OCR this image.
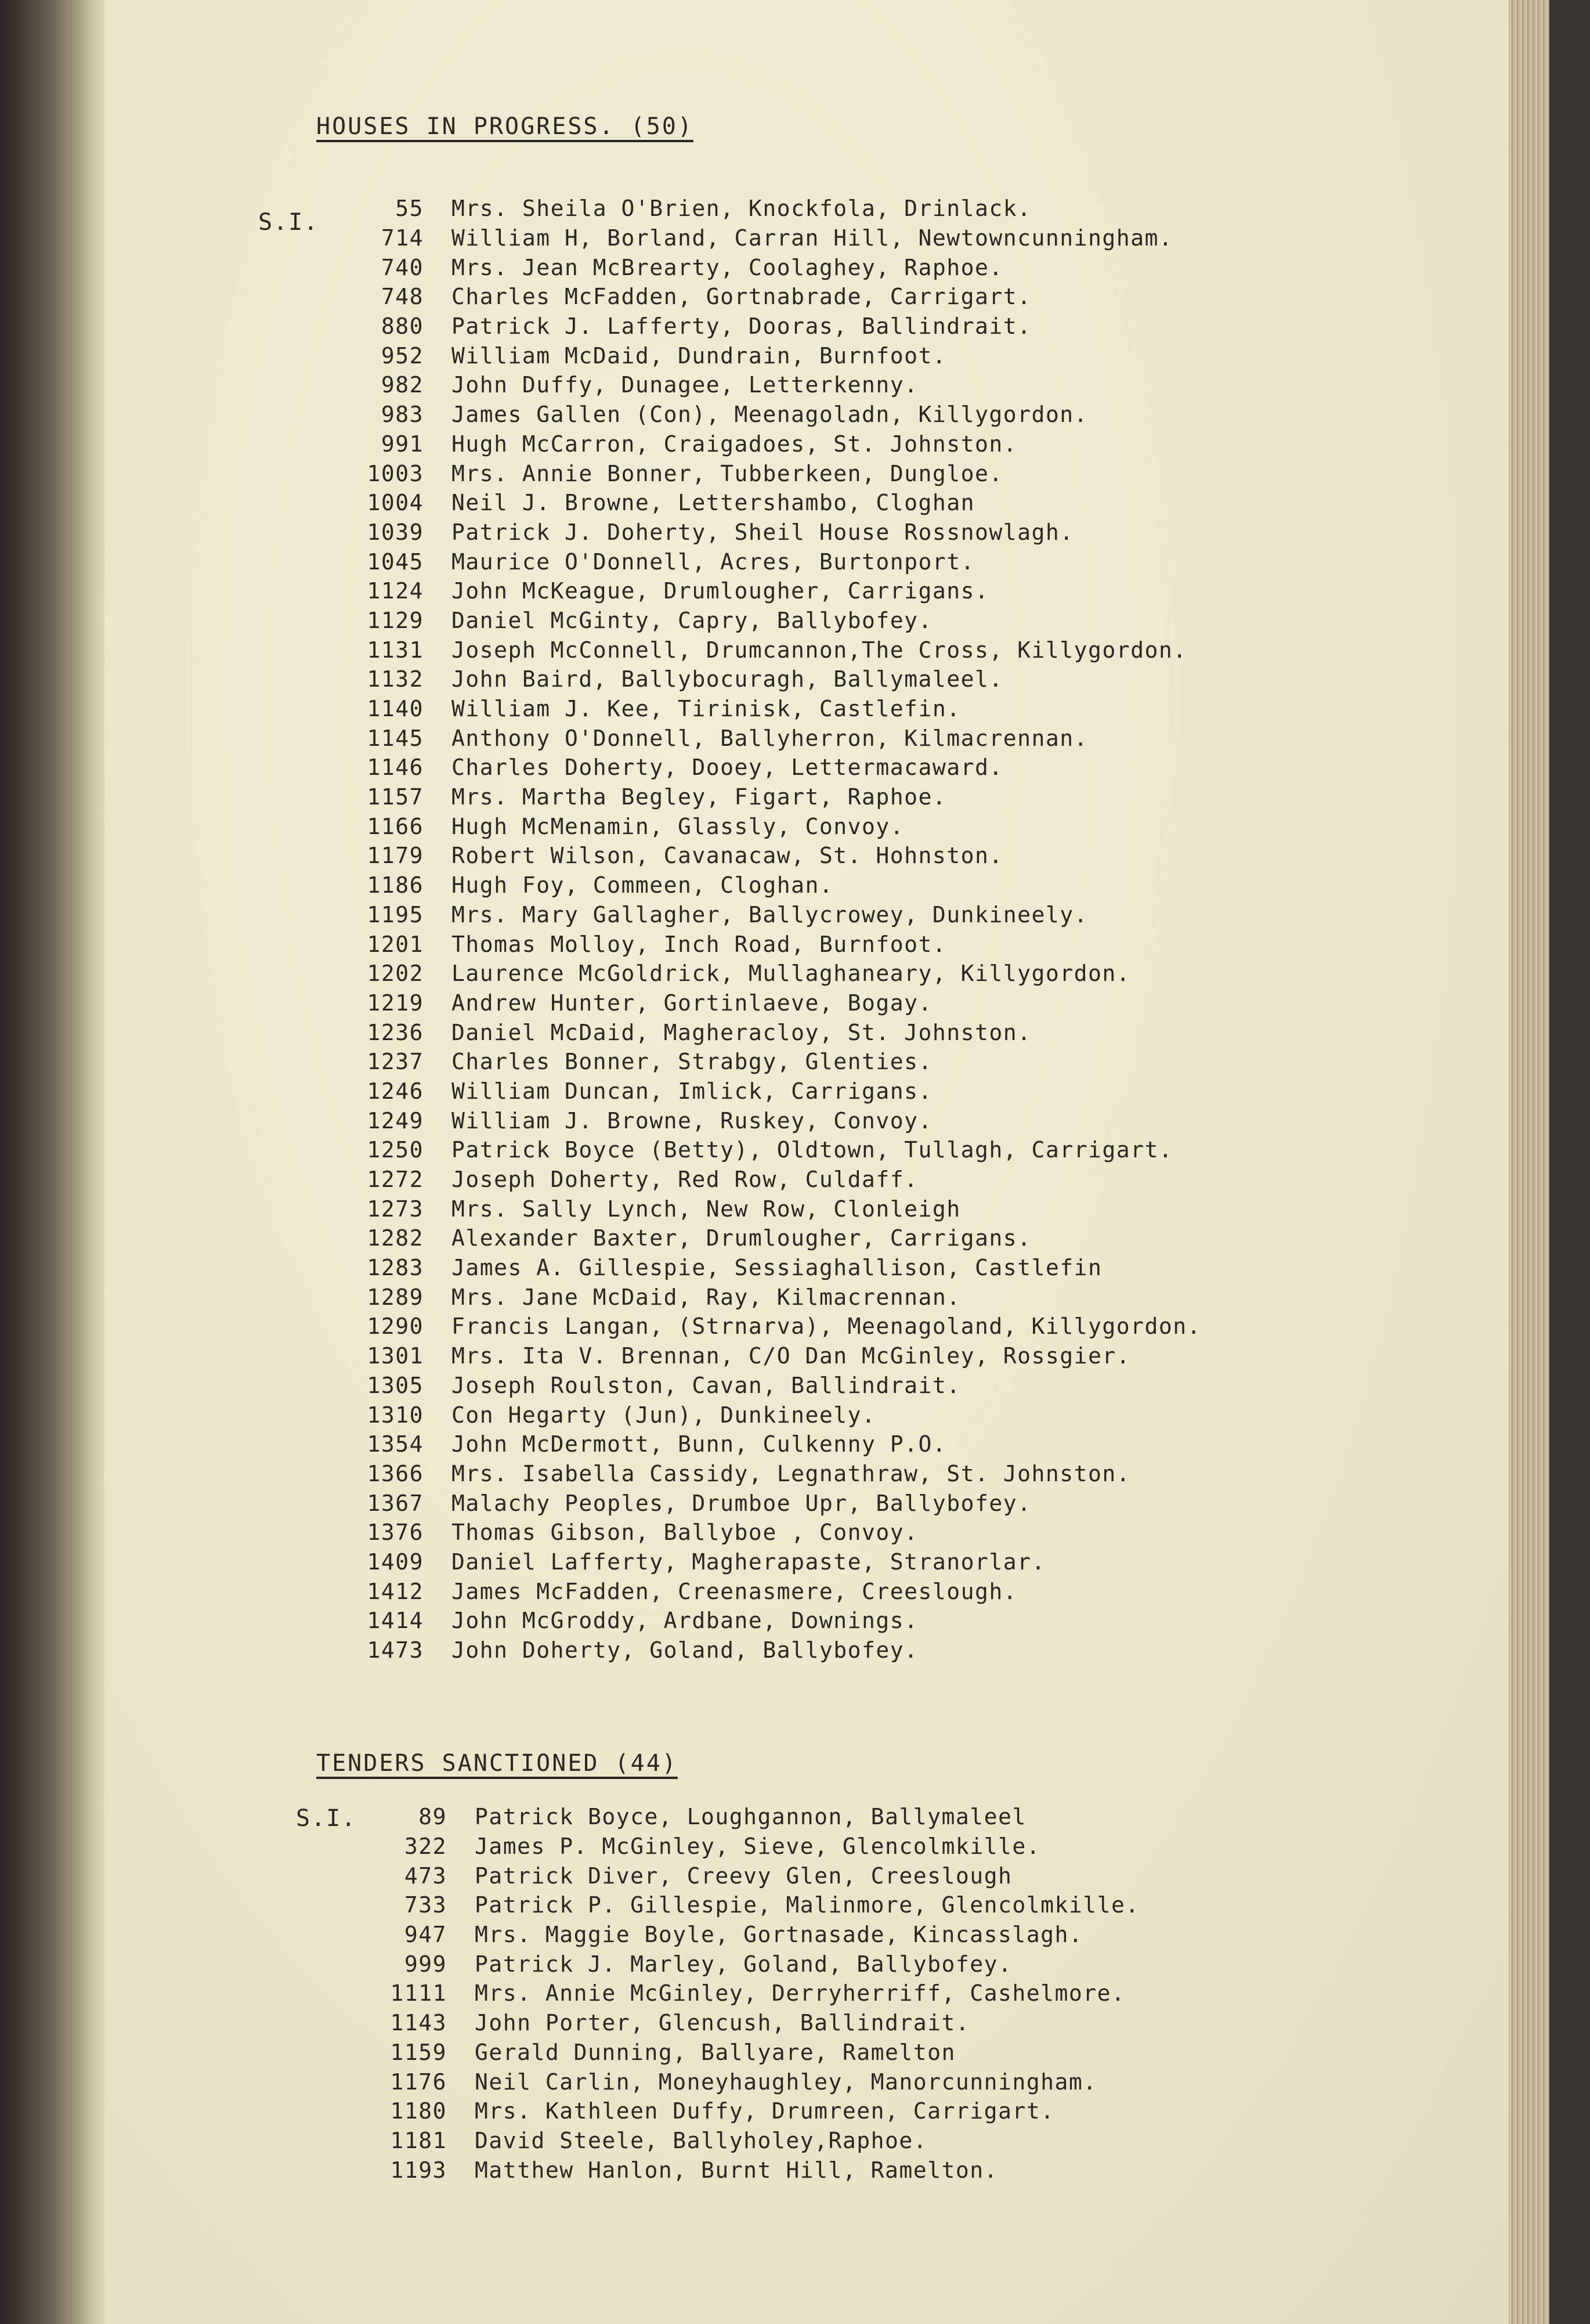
HOUSES IN PROGRESS. (50)
S.I.
55	Mrs. Sheila O'Brien, Knockfola, Drinlack.
714	William H, Borland, Carran Hill, Newtowncunningham.
740	Mrs. Jean McBrearty, Coolaghey, Raphoe.
748	Charles McFadden, Gortnabrade, Carrigart.
880	Patrick J. Lafferty, Dooras, Ballindrait.
952	William McDaid, Dundrain, Burnfoot.
982	John Duffy, Dunagee, Letterkenny.
983	James Gallen (Con), Meenagoladn, Killygordon.
991	Hugh McCarron, Craigadoes, St. Johnston.
1003	Mrs. Annie Bonner, Tubberkeen, Dungloe.
1004	Neil J. Browne, Lettershambo, Cloghan
1039	Patrick J. Doherty, Sheil House Rossnowlagh.
1045	Maurice O'Donnell, Acres, Burtonport.
1124	John McKeague, Drumlougher, Carrigans.
1129	Daniel McGinty, Capry, Ballybofey.
1131	Joseph McConnell, Drumcannon,The Cross, Killygordon.
1132	John Baird, Ballybocuragh, Ballymaleel.
1140	William J. Kee, Tirinisk, Castlefin.
1145	Anthony O'Donnell, Ballyherron, Kilmacrennan.
1146	Charles Doherty, Dooey, Lettermacaward.
1157	Mrs. Martha Begley, Figart, Raphoe.
1166	Hugh McMenamin, Glassly, Convoy.
1179	Robert Wilson, Cavanacaw, St. Hohnston.
1186	Hugh Foy, Commeen, Cloghan.
1195	Mrs. Mary Gallagher, Ballycrowey, Dunkineely.
1201	Thomas Molloy, Inch Road, Burnfoot.
1202	Laurence McGoldrick, Mullaghaneary, Killygordon.
1219	Andrew Hunter, Gortinlaeve, Bogay.
1236	Daniel McDaid, Magheracloy, St. Johnston.
1237	Charles Bonner, Strabgy, Glenties.
1246	William Duncan, Imlick, Carrigans.
1249	William J. Browne, Ruskey, Convoy.
1250	Patrick Boyce (Betty), Oldtown, Tullagh, Carrigart.
1272	Joseph Doherty, Red Row, Culdaff.
1273	Mrs. Sally Lynch, New Row, Clonleigh
1282	Alexander Baxter, Drumlougher, Carrigans.
1283	James A. Gillespie, Sessiaghallison, Castlefin
1289	Mrs. Jane McDaid, Ray, Kilmacrennan.
1290	Francis Langan, (Strnarva), Meenagoland, Killygordon.
1301	Mrs. Ita V. Brennan, C/O Dan McGinley, Rossgier.
1305	Joseph Roulston, Cavan, Ballindrait.
1310	Con Hegarty (Jun), Dunkineely.
1354	John McDermott, Bunn, Culkenny P.O.
1366	Mrs. Isabella Cassidy, Legnathraw, St. Johnston.
1367	Malachy Peoples, Drumboe Upr, Ballybofey.
1376	Thomas Gibson, Ballyboe , Convoy.
1409	Daniel Lafferty, Magherapaste, Stranorlar.
1412	James McFadden, Creenasmere, Creeslough.
1414	John McGroddy, Ardbane, Downings.
1473	John Doherty, Goland, Ballybofey.
TENDERS SANCTIONED (44)
S.I.	89	Patrick Boyce, Loughgannon, Ballymaleel
322	James P. McGinley, Sieve, Glencolmkille.
473	Patrick Diver, Creevy Glen, Creeslough
733	Patrick P. Gillespie, Malinmore, Glencolmkille.
947	Mrs. Maggie Boyle, Gortnasade, Kincasslagh.
999	Patrick J. Marley, Goland, Ballybofey.
1111	Mrs. Annie McGinley, Derryherriff, Cashelmore.
1143	John Porter, Glencush, Ballindrait.
1159	Gerald Dunning, Ballyare, Ramelton
1176	Neil Carlin, Moneyhaughley, Manorcunningham.
1180	Mrs. Kathleen Duffy, Drumreen, Carrigart.
1181	David Steele, Ballyholey,Raphoe.
1193	Matthew Hanlon, Burnt Hill, Ramelton.
